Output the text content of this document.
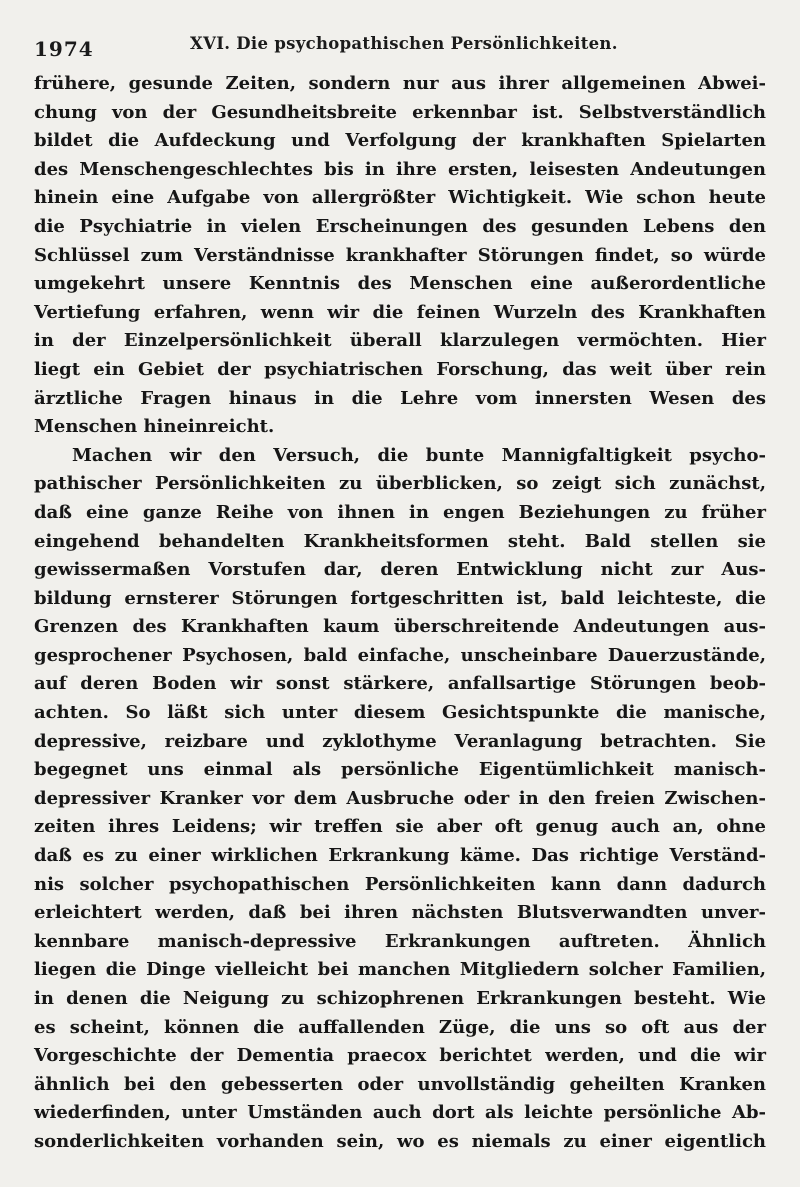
1974	XVI. Die psychopathischen Persönlichkeiten.
frühere, gesunde Zeiten, sondern nur aus ihrer allgemeinen Abwei-
chung von der Gesundheitsbreite erkennbar ist. Selbstverständlich
bildet die Aufdeckung und Verfolgung der krankhaften Spielarten
des Menschengeschlechtes bis in ihre ersten, leisesten Andeutungen
hinein eine Aufgabe von allergrößter Wichtigkeit. Wie schon heute
die Psychiatrie in vielen Erscheinungen des gesunden Lebens den
Schlüssel zum Verständnisse krankhafter Störungen findet, so würde
umgekehrt unsere Kenntnis des Menschen eine außerordentliche
Vertiefung erfahren, wenn wir die feinen Wurzeln des Krankhaften
in der Einzelpersönlichkeit überall klarzulegen vermöchten. Hier
liegt ein Gebiet der psychiatrischen Forschung, das weit über rein
ärztliche Fragen hinaus in die Lehre vom innersten Wesen des
Menschen hineinreicht.
Machen wir den Versuch, die bunte Mannigfaltigkeit psycho-
pathischer Persönlichkeiten zu überblicken, so zeigt sich zunächst,
daß eine ganze Reihe von ihnen in engen Beziehungen zu früher
eingehend behandelten Krankheitsformen steht. Bald stellen sie
gewissermaßen Vorstufen dar, deren Entwicklung nicht zur Aus-
bildung ernsterer Störungen fortgeschritten ist, bald leichteste, die
Grenzen des Krankhaften kaum überschreitende Andeutungen aus-
gesprochener Psychosen, bald einfache, unscheinbare Dauerzustände,
auf deren Boden wir sonst stärkere, anfallsartige Störungen beob-
achten. So läßt sich unter diesem Gesichtspunkte die manische,
depressive, reizbare und zyklothyme Veranlagung betrachten. Sie
begegnet uns einmal als persönliche Eigentümlichkeit manisch-
depressiver Kranker vor dem Ausbruche oder in den freien Zwischen-
zeiten ihres Leidens; wir treffen sie aber oft genug auch an, ohne
daß es zu einer wirklichen Erkrankung käme. Das richtige Verständ-
nis solcher psychopathischen Persönlichkeiten kann dann dadurch
erleichtert werden, daß bei ihren nächsten Blutsverwandten unver-
kennbare manisch-depressive Erkrankungen auftreten. Ähnlich
liegen die Dinge vielleicht bei manchen Mitgliedern solcher Familien,
in denen die Neigung zu schizophrenen Erkrankungen besteht. Wie
es scheint, können die auffallenden Züge, die uns so oft aus der
Vorgeschichte der Dementia praecox berichtet werden, und die wir
ähnlich bei den gebesserten oder unvollständig geheilten Kranken
wiederfinden, unter Umständen auch dort als leichte persönliche Ab-
sonderlichkeiten vorhanden sein, wo es niemals zu einer eigentlich
